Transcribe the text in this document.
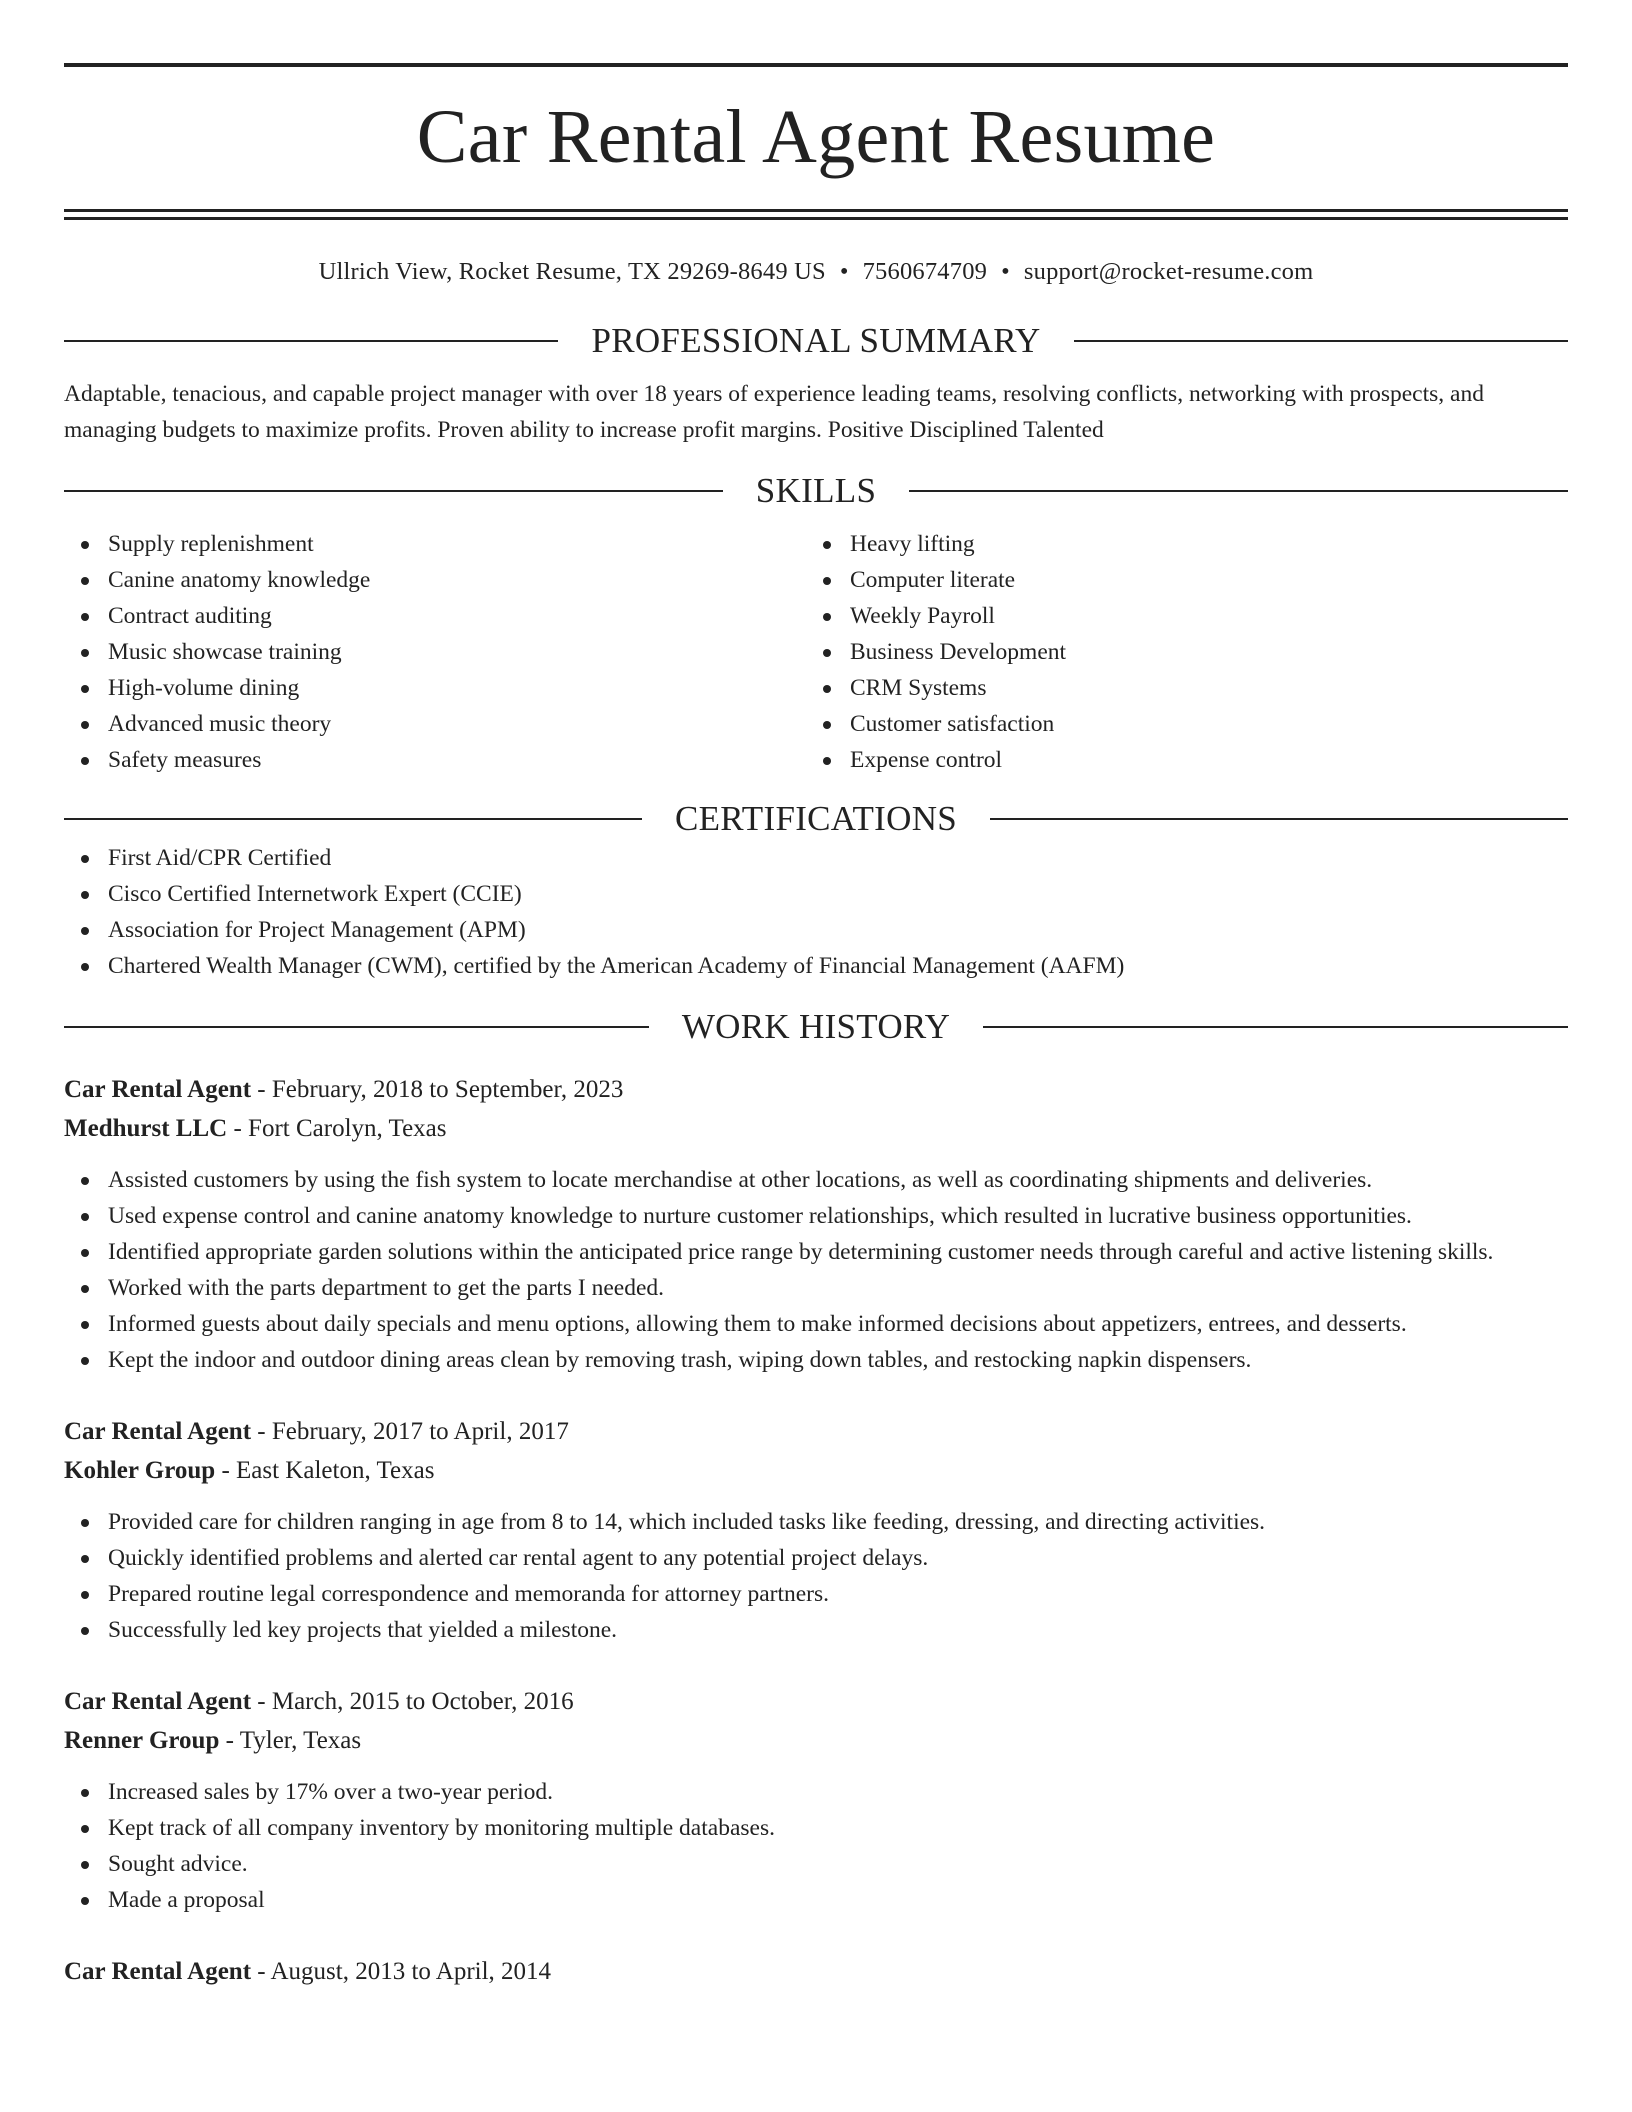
Car Rental Agent Resume
Ullrich View, Rocket Resume, TX 29269-8649 US • 7560674709 • support@rocket-resume.com
PROFESSIONAL SUMMARY

Adaptable, tenacious, and capable project manager with over 18 years of experience leading teams, resolving conflicts, networking with prospects, and managing budgets to maximize profits. Proven ability to increase profit margins. Positive Disciplined Talented

SKILLS
Supply replenishment
Canine anatomy knowledge
Contract auditing
Music showcase training
High-volume dining
Advanced music theory
Safety measures
Heavy lifting
Computer literate
Weekly Payroll
Business Development
CRM Systems
Customer satisfaction
Expense control
CERTIFICATIONS
First Aid/CPR Certified
Cisco Certified Internetwork Expert (CCIE)
Association for Project Management (APM)
Chartered Wealth Manager (CWM), certified by the American Academy of Financial Management (AAFM)
WORK HISTORY
Car Rental Agent - February, 2018 to September, 2023
Medhurst LLC - Fort Carolyn, Texas
Assisted customers by using the fish system to locate merchandise at other locations, as well as coordinating shipments and deliveries.
Used expense control and canine anatomy knowledge to nurture customer relationships, which resulted in lucrative business opportunities.
Identified appropriate garden solutions within the anticipated price range by determining customer needs through careful and active listening skills.
Worked with the parts department to get the parts I needed.
Informed guests about daily specials and menu options, allowing them to make informed decisions about appetizers, entrees, and desserts.
Kept the indoor and outdoor dining areas clean by removing trash, wiping down tables, and restocking napkin dispensers.
Car Rental Agent - February, 2017 to April, 2017
Kohler Group - East Kaleton, Texas
Provided care for children ranging in age from 8 to 14, which included tasks like feeding, dressing, and directing activities.
Quickly identified problems and alerted car rental agent to any potential project delays.
Prepared routine legal correspondence and memoranda for attorney partners.
Successfully led key projects that yielded a milestone.
Car Rental Agent - March, 2015 to October, 2016
Renner Group - Tyler, Texas
Increased sales by 17% over a two-year period.
Kept track of all company inventory by monitoring multiple databases.
Sought advice.
Made a proposal
Car Rental Agent - August, 2013 to April, 2014
